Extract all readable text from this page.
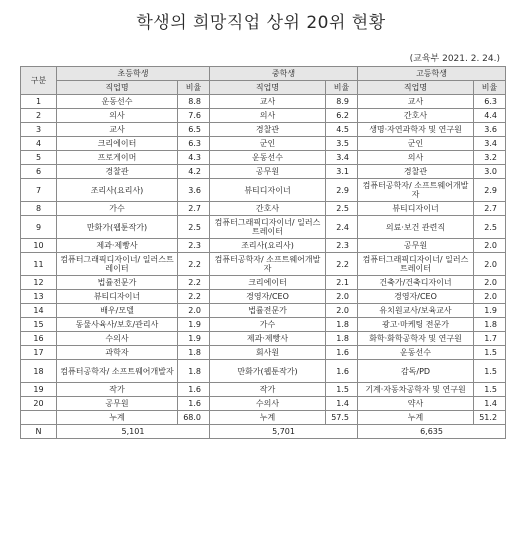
학생의 희망직업 상위 20위 현황
(교육부 2021. 2. 24.)
구분	초등학생		중학생		고등학생	
	직업명	비율	직업명	비율	직업명	비율
1	운동선수	8.8	교사	8.9	교사	6.3
2	의사	7.6	의사	6.2	간호사	4.4
3	교사	6.5	경찰관	4.5	생명·자연과학자 및 연구원	3.6
4	크리에이터	6.3	군인	3.5	군인	3.4
5	프로게이머	4.3	운동선수	3.4	의사	3.2
6	경찰관	4.2	공무원	3.1	경찰관	3.0
7	조리사(요리사)	3.6	뷰티디자이너	2.9	컴퓨터공학자/ 소프트웨어개발자	2.9
8	가수	2.7	간호사	2.5	뷰티디자이너	2.7
9	만화가(웹툰작가)	2.5	컴퓨터그래픽디자이너/ 일러스트레이터	2.4	의료·보건 관련직	2.5
10	제과·제빵사	2.3	조리사(요리사)	2.3	공무원	2.0
11	컴퓨터그래픽디자이너/ 일러스트레이터	2.2	컴퓨터공학자/ 소프트웨어개발자	2.2	컴퓨터그래픽디자이너/ 일러스트레이터	2.0
12	법률전문가	2.2	크리에이터	2.1	건축가/건축디자이너	2.0
13	뷰티디자이너	2.2	경영자/CEO	2.0	경영자/CEO	2.0
14	배우/모델	2.0	법률전문가	2.0	유치원교사/보육교사	1.9
15	동물사육사/보호/관리사	1.9	가수	1.8	광고·마케팅 전문가	1.8
16	수의사	1.9	제과·제빵사	1.8	화학·화학공학자 및 연구원	1.7
17	과학자	1.8	회사원	1.6	운동선수	1.5
18	컴퓨터공학자/ 소프트웨어개발자	1.8	만화가(웹툰작가)	1.6	감독/PD	1.5
19	작가	1.6	작가	1.5	기계·자동차공학자 및 연구원	1.5
20	공무원	1.6	수의사	1.4	약사	1.4
	누계	68.0	누계	57.5	누계	51.2
N	5,101		5,701		6,635	
